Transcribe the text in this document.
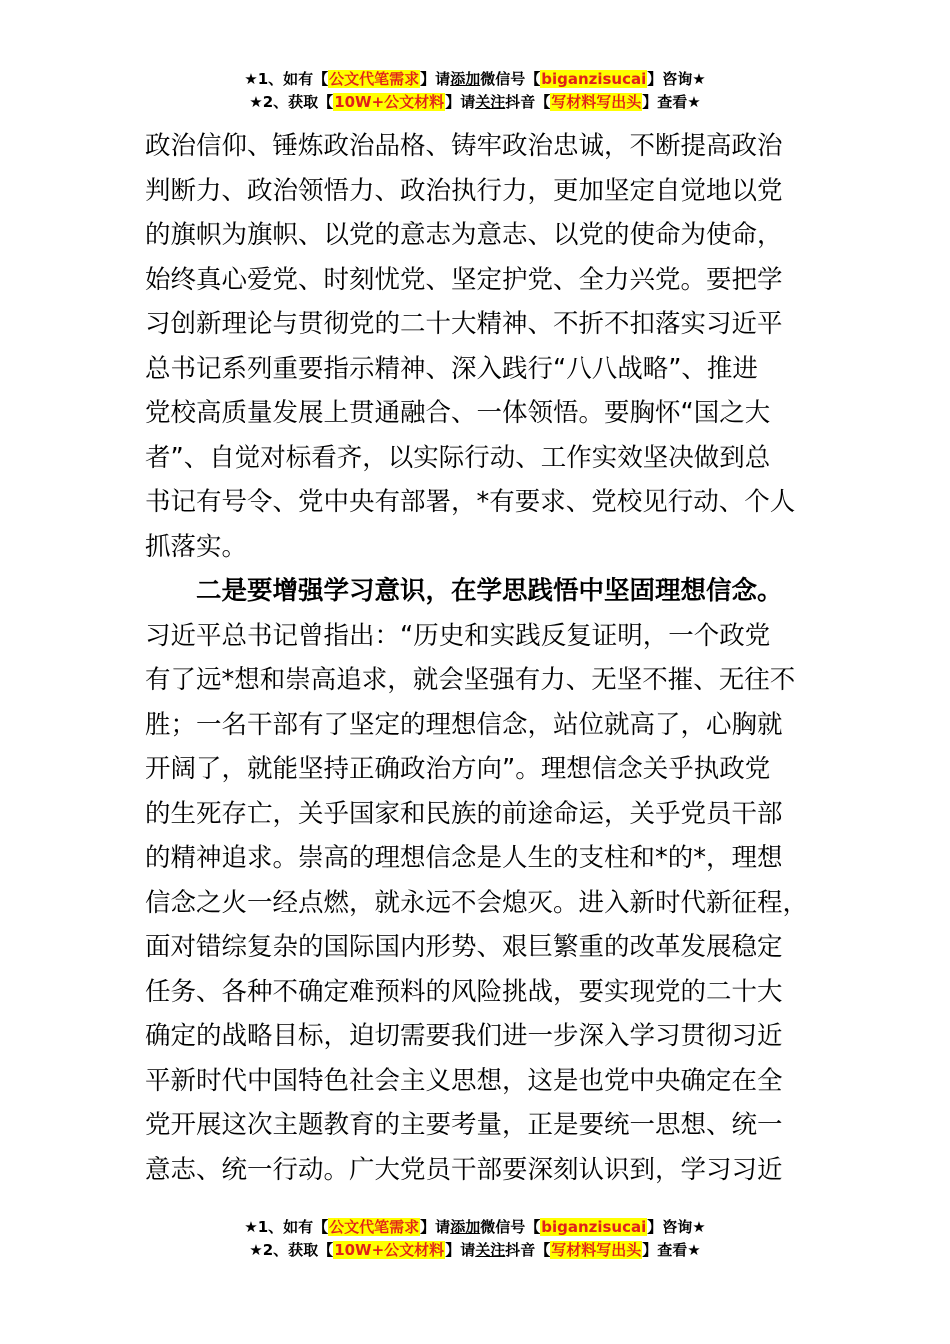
★1、如有【公文代笔需求】请添加微信号【biganzisucai】咨询★
★2、获取【10W+公文材料】请关注抖音【写材料写出头】查看★
政治信仰、锤炼政治品格、铸牢政治忠诚，不断提高政治
判断力、政治领悟力、政治执行力，更加坚定自觉地以党
的旗帜为旗帜、以党的意志为意志、以党的使命为使命，
始终真心爱党、时刻忧党、坚定护党、全力兴党。要把学
习创新理论与贯彻党的二十大精神、不折不扣落实习近平
总书记系列重要指示精神、深入践行“八八战略”、推进
党校高质量发展上贯通融合、一体领悟。要胸怀“国之大
者”、自觉对标看齐，以实际行动、工作实效坚决做到总
书记有号令、党中央有部署，*有要求、党校见行动、个人
抓落实。
二是要增强学习意识，在学思践悟中坚固理想信念。
习近平总书记曾指出：“历史和实践反复证明，一个政党
有了远*想和崇高追求，就会坚强有力、无坚不摧、无往不
胜；一名干部有了坚定的理想信念，站位就高了，心胸就
开阔了，就能坚持正确政治方向”。理想信念关乎执政党
的生死存亡，关乎国家和民族的前途命运，关乎党员干部
的精神追求。崇高的理想信念是人生的支柱和*的*，理想
信念之火一经点燃，就永远不会熄灭。进入新时代新征程，
面对错综复杂的国际国内形势、艰巨繁重的改革发展稳定
任务、各种不确定难预料的风险挑战，要实现党的二十大
确定的战略目标，迫切需要我们进一步深入学习贯彻习近
平新时代中国特色社会主义思想，这是也党中央确定在全
党开展这次主题教育的主要考量，正是要统一思想、统一
意志、统一行动。广大党员干部要深刻认识到，学习习近
★1、如有【公文代笔需求】请添加微信号【biganzisucai】咨询★
★2、获取【10W+公文材料】请关注抖音【写材料写出头】查看★
